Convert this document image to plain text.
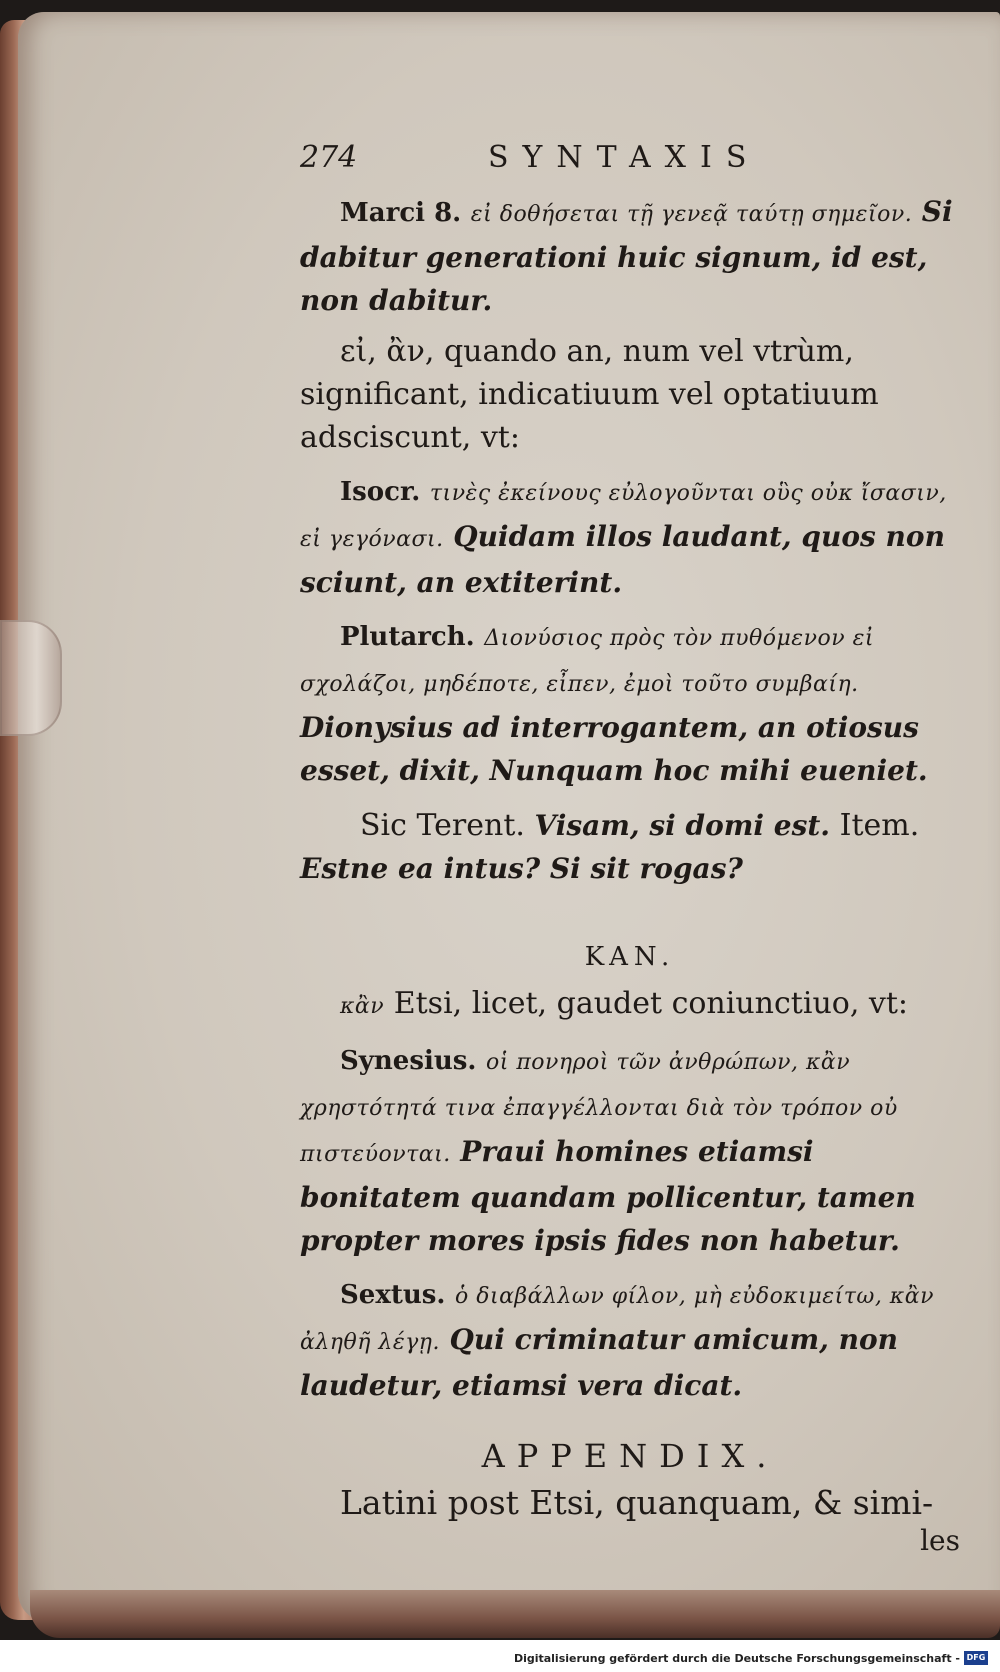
274	SYNTAXIS

Marci 8. εἰ δοθήσεται τῇ γενεᾷ ταύτῃ σημεῖον. Si dabitur generationi huic signum, id est, non dabitur.

εἰ, ἂν, quando an, num vel vtrùm, significant, indicatiuum vel optatiuum adsciscunt, vt:

Isocr. τινὲς ἐκείνους εὐλογοῦνται οὓς οὐκ ἴσασιν, εἰ γεγόνασι. Quidam illos laudant, quos non sciunt, an extiterint.

Plutarch. Διονύσιος πρὸς τὸν πυθόμενον εἰ σχολάζοι, μηδέποτε, εἶπεν, ἐμοὶ τοῦτο συμβαίη. Dionysius ad interrogantem, an otiosus esset, dixit, Nunquam hoc mihi eueniet.

Sic Terent. Visam, si domi est. Item. Estne ea intus? Si sit rogas?

KAN.

κἂν Etsi, licet, gaudet coniunctiuo, vt:

Synesius. οἱ πονηροὶ τῶν ἀνθρώπων, κἂν χρηστότητά τινα ἐπαγγέλλονται διὰ τὸν τρόπον οὐ πιστεύονται. Praui homines etiamsi bonitatem quandam pollicentur, tamen propter mores ipsis fides non habetur.

Sextus. ὁ διαβάλλων φίλον, μὴ εὐδοκιμείτω, κἂν ἀληθῆ λέγῃ. Qui criminatur amicum, non laudetur, etiamsi vera dicat.

APPENDIX.

Latini post Etsi, quanquam, & simi-

les

Digitalisierung gefördert durch die Deutsche Forschungsgemeinschaft - DFG
